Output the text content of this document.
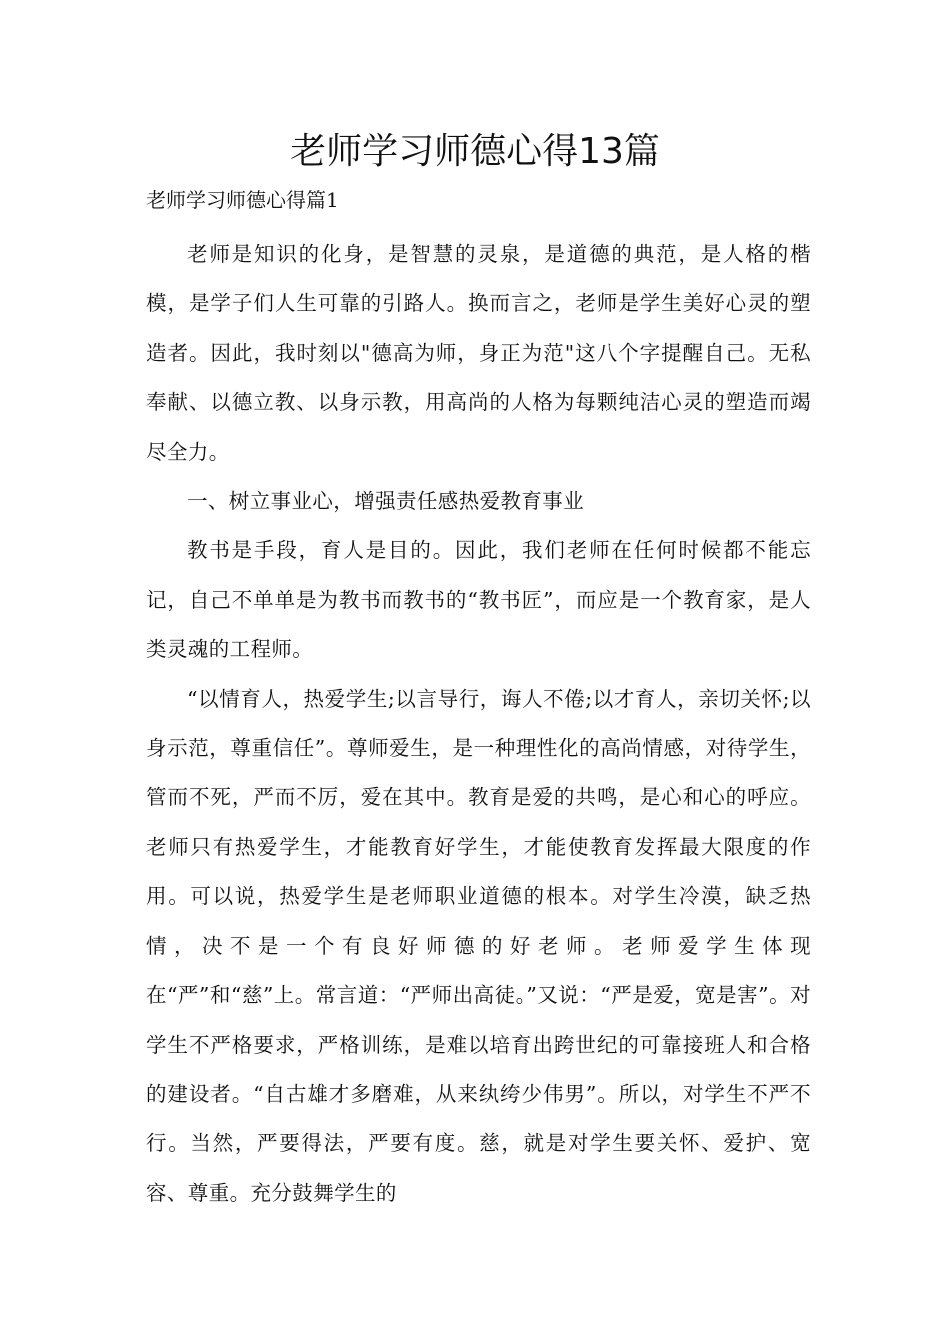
老师学习师德心得13篇

老师学习师德心得篇1

老师是知识的化身，是智慧的灵泉，是道德的典范，是人格的楷模，是学子们人生可靠的引路人。换而言之，老师是学生美好心灵的塑造者。因此，我时刻以"德高为师，身正为范"这八个字提醒自己。无私奉献、以德立教、以身示教，用高尚的人格为每颗纯洁心灵的塑造而竭尽全力。

一、树立事业心，增强责任感热爱教育事业

教书是手段，育人是目的。因此，我们老师在任何时候都不能忘记，自己不单单是为教书而教书的“教书匠”，而应是一个教育家，是人类灵魂的工程师。

“以情育人，热爱学生;以言导行，诲人不倦;以才育人，亲切关怀;以身示范，尊重信任”。尊师爱生，是一种理性化的高尚情感，对待学生，管而不死，严而不厉，爱在其中。教育是爱的共鸣，是心和心的呼应。老师只有热爱学生，才能教育好学生，才能使教育发挥最大限度的作用。可以说，热爱学生是老师职业道德的根本。对学生冷漠，缺乏热情，决不是一个有良好师德的好老师。老师爱学生体现在“严”和“慈”上。常言道：“严师出高徒。”又说：“严是爱，宽是害”。对学生不严格要求，严格训练，是难以培育出跨世纪的可靠接班人和合格的建设者。“自古雄才多磨难，从来纨绔少伟男”。所以，对学生不严不行。当然，严要得法，严要有度。慈，就是对学生要关怀、爱护、宽容、尊重。充分鼓舞学生的
